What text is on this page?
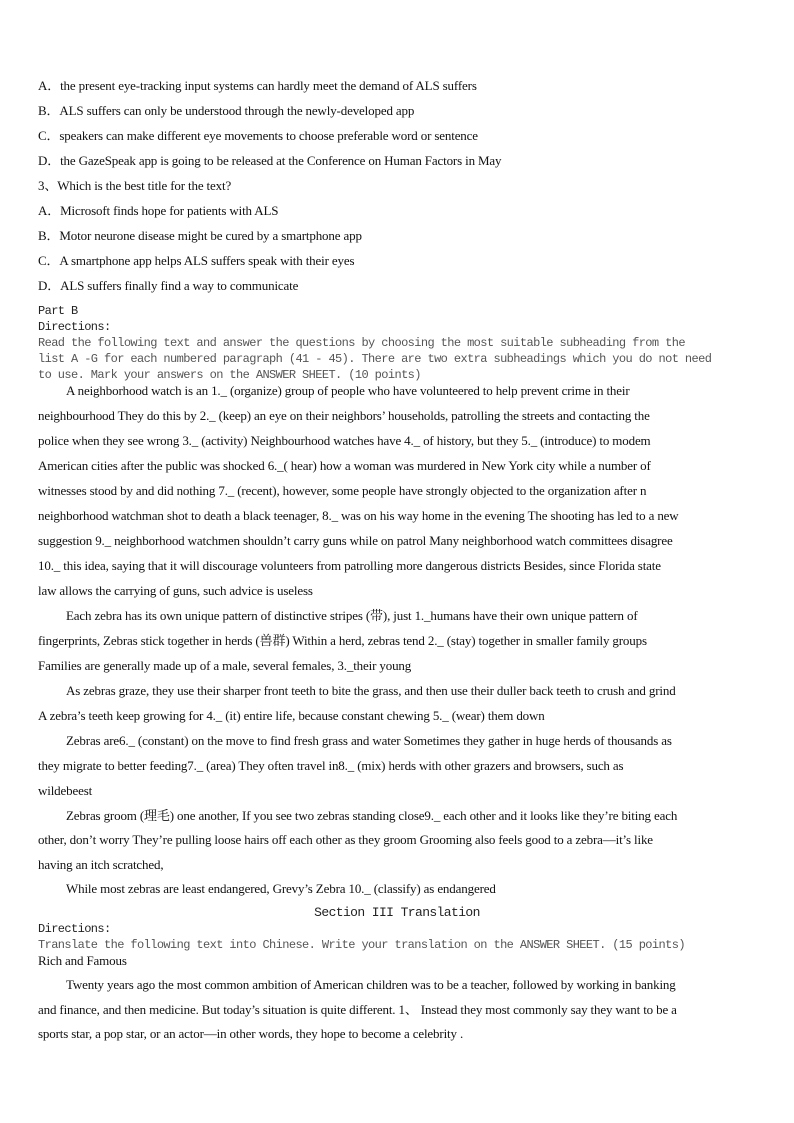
A．the present eye-tracking input systems can hardly meet the demand of ALS suffers
B．ALS suffers can only be understood through the newly-developed app
C．speakers can make different eye movements to choose preferable word or sentence
D．the GazeSpeak app is going to be released at the Conference on Human Factors in May
3、Which is the best title for the text?
A．Microsoft finds hope for patients with ALS
B．Motor neurone disease might be cured by a smartphone app
C．A smartphone app helps ALS suffers speak with their eyes
D．ALS suffers finally find a way to communicate
Part B
Directions:
Read the following text and answer the questions by choosing the most suitable subheading from the
list A -G for each numbered paragraph (41 - 45). There are two extra subheadings which you do not need
to use. Mark your answers on the ANSWER SHEET. (10 points)
A neighborhood watch is an 1._ (organize) group of people who have volunteered to help prevent crime in their
neighbourhood They do this by 2._ (keep) an eye on their neighbors’ households, patrolling the streets and contacting the
police when they see wrong 3._ (activity) Neighbourhood watches have 4._ of history, but they 5._ (introduce) to modem
American cities after the public was shocked 6._( hear) how a woman was murdered in New York city while a number of
witnesses stood by and did nothing 7._ (recent), however, some people have strongly objected to the organization after n
neighborhood watchman shot to death a black teenager, 8._ was on his way home in the evening The shooting has led to a new
suggestion 9._ neighborhood watchmen shouldn’t carry guns while on patrol Many neighborhood watch committees disagree
10._ this idea, saying that it will discourage volunteers from patrolling more dangerous districts Besides, since Florida state
law allows the carrying of guns, such advice is useless
Each zebra has its own unique pattern of distinctive stripes (带), just 1._humans have their own unique pattern of
fingerprints, Zebras stick together in herds (兽群) Within a herd, zebras tend 2._ (stay) together in smaller family groups
Families are generally made up of a male, several females, 3._their young
As zebras graze, they use their sharper front teeth to bite the grass, and then use their duller back teeth to crush and grind
A zebra’s teeth keep growing for 4._ (it) entire life, because constant chewing 5._ (wear) them down
Zebras are6._ (constant) on the move to find fresh grass and water Sometimes they gather in huge herds of thousands as
they migrate to better feeding7._ (area) They often travel in8._ (mix) herds with other grazers and browsers, such as
wildebeest
Zebras groom (理毛) one another, If you see two zebras standing close9._ each other and it looks like they’re biting each
other, don’t worry They’re pulling loose hairs off each other as they groom Grooming also feels good to a zebra—it’s like
having an itch scratched,
While most zebras are least endangered, Grevy’s Zebra 10._ (classify) as endangered
Section III Translation
Directions:
Translate the following text into Chinese. Write your translation on the ANSWER SHEET. (15 points)
Rich and Famous
Twenty years ago the most common ambition of American children was to be a teacher, followed by working in banking
and finance, and then medicine. But today’s situation is quite different. 1、 Instead they most commonly say they want to be a
sports star, a pop star, or an actor—in other words, they hope to become a celebrity .
